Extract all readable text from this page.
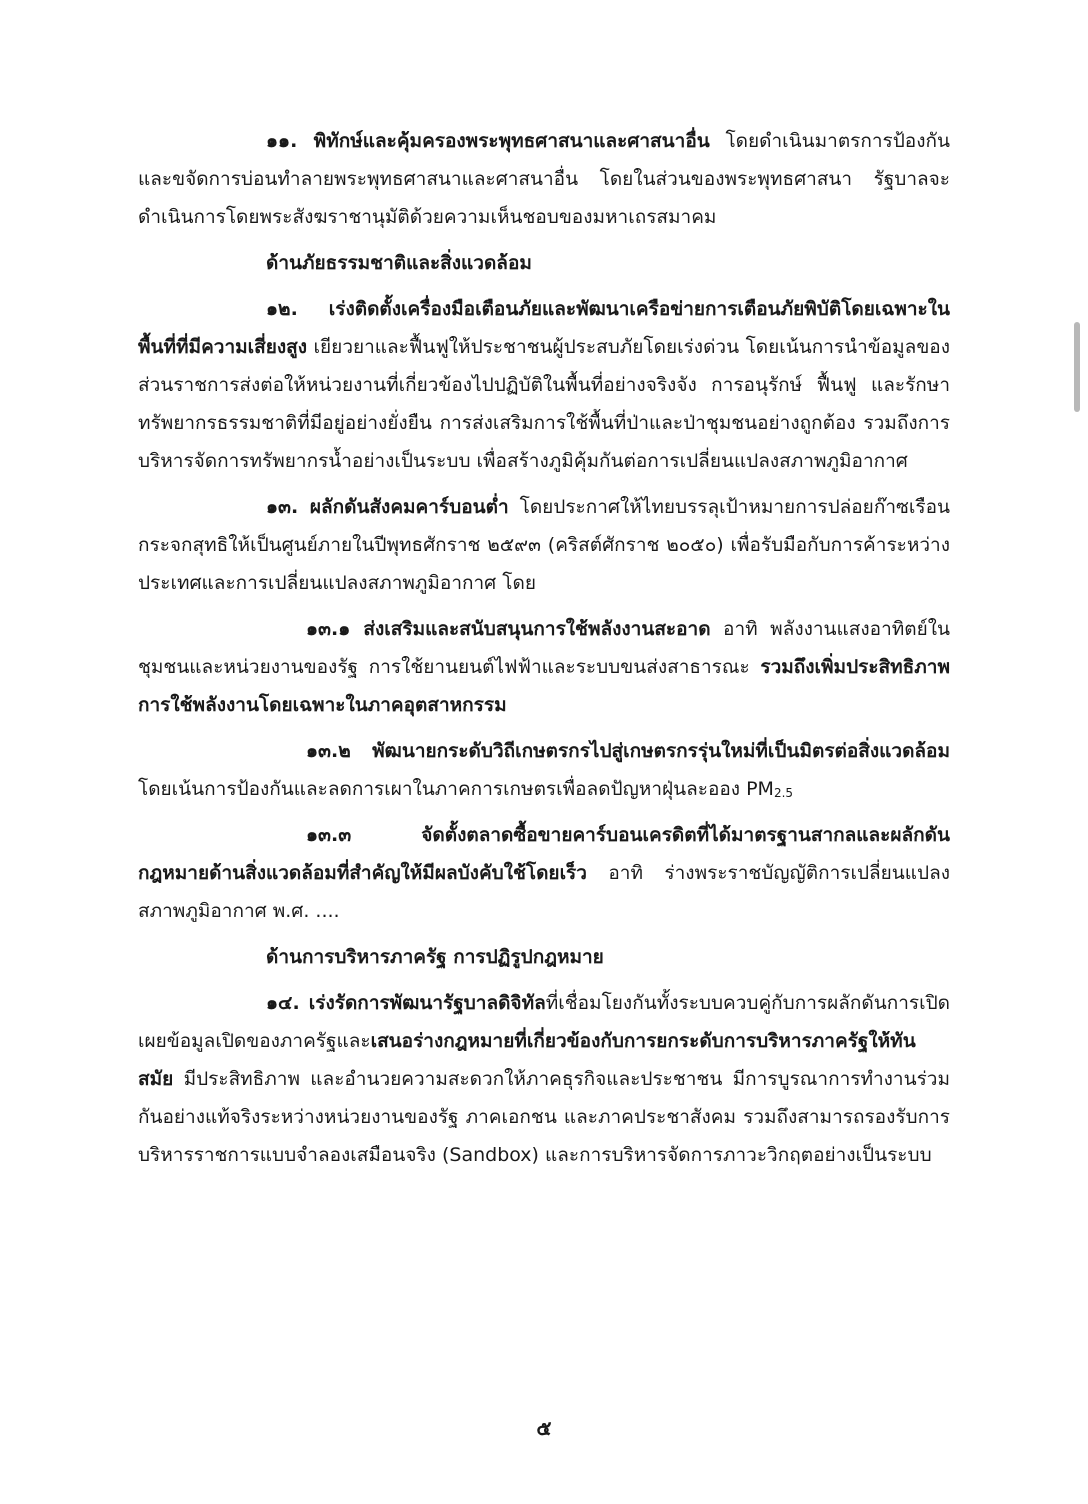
๑๑. พิทักษ์และคุ้มครองพระพุทธศาสนาและศาสนาอื่น โดยดำเนินมาตรการป้องกันและขจัดการบ่อนทำลายพระพุทธศาสนาและศาสนาอื่น โดยในส่วนของพระพุทธศาสนา รัฐบาลจะดำเนินการโดยพระสังฆราชานุมัติด้วยความเห็นชอบของมหาเถรสมาคม

ด้านภัยธรรมชาติและสิ่งแวดล้อม

๑๒. เร่งติดตั้งเครื่องมือเตือนภัยและพัฒนาเครือข่ายการเตือนภัยพิบัติโดยเฉพาะในพื้นที่ที่มีความเสี่ยงสูง เยียวยาและฟื้นฟูให้ประชาชนผู้ประสบภัยโดยเร่งด่วน โดยเน้นการนำข้อมูลของส่วนราชการส่งต่อให้หน่วยงานที่เกี่ยวข้องไปปฏิบัติในพื้นที่อย่างจริงจัง การอนุรักษ์ ฟื้นฟู และรักษาทรัพยากรธรรมชาติที่มีอยู่อย่างยั่งยืน การส่งเสริมการใช้พื้นที่ป่าและป่าชุมชนอย่างถูกต้อง รวมถึงการบริหารจัดการทรัพยากรน้ำอย่างเป็นระบบ เพื่อสร้างภูมิคุ้มกันต่อการเปลี่ยนแปลงสภาพภูมิอากาศ

๑๓. ผลักดันสังคมคาร์บอนต่ำ โดยประกาศให้ไทยบรรลุเป้าหมายการปล่อยก๊าซเรือนกระจกสุทธิให้เป็นศูนย์ภายในปีพุทธศักราช ๒๕๙๓ (คริสต์ศักราช ๒๐๕๐) เพื่อรับมือกับการค้าระหว่างประเทศและการเปลี่ยนแปลงสภาพภูมิอากาศ โดย

๑๓.๑ ส่งเสริมและสนับสนุนการใช้พลังงานสะอาด อาทิ พลังงานแสงอาทิตย์ในชุมชนและหน่วยงานของรัฐ การใช้ยานยนต์ไฟฟ้าและระบบขนส่งสาธารณะ รวมถึงเพิ่มประสิทธิภาพการใช้พลังงานโดยเฉพาะในภาคอุตสาหกรรม

๑๓.๒ พัฒนายกระดับวิถีเกษตรกรไปสู่เกษตรกรรุ่นใหม่ที่เป็นมิตรต่อสิ่งแวดล้อม โดยเน้นการป้องกันและลดการเผาในภาคการเกษตรเพื่อลดปัญหาฝุ่นละออง $PM_{2.5}$

๑๓.๓ จัดตั้งตลาดซื้อขายคาร์บอนเครดิตที่ได้มาตรฐานสากลและผลักดันกฎหมายด้านสิ่งแวดล้อมที่สำคัญให้มีผลบังคับใช้โดยเร็ว อาทิ ร่างพระราชบัญญัติการเปลี่ยนแปลงสภาพภูมิอากาศ พ.ศ. ....

ด้านการบริหารภาครัฐ การปฏิรูปกฎหมาย

๑๔. เร่งรัดการพัฒนารัฐบาลดิจิทัลที่เชื่อมโยงกันทั้งระบบควบคู่กับการผลักดันการเปิดเผยข้อมูลเปิดของภาครัฐและเสนอร่างกฎหมายที่เกี่ยวข้องกับการยกระดับการบริหารภาครัฐให้ทันสมัย มีประสิทธิภาพ และอำนวยความสะดวกให้ภาคธุรกิจและประชาชน มีการบูรณาการทำงานร่วมกันอย่างแท้จริงระหว่างหน่วยงานของรัฐ ภาคเอกชน และภาคประชาสังคม รวมถึงสามารถรองรับการบริหารราชการแบบจำลองเสมือนจริง (Sandbox) และการบริหารจัดการภาวะวิกฤตอย่างเป็นระบบ

๕
